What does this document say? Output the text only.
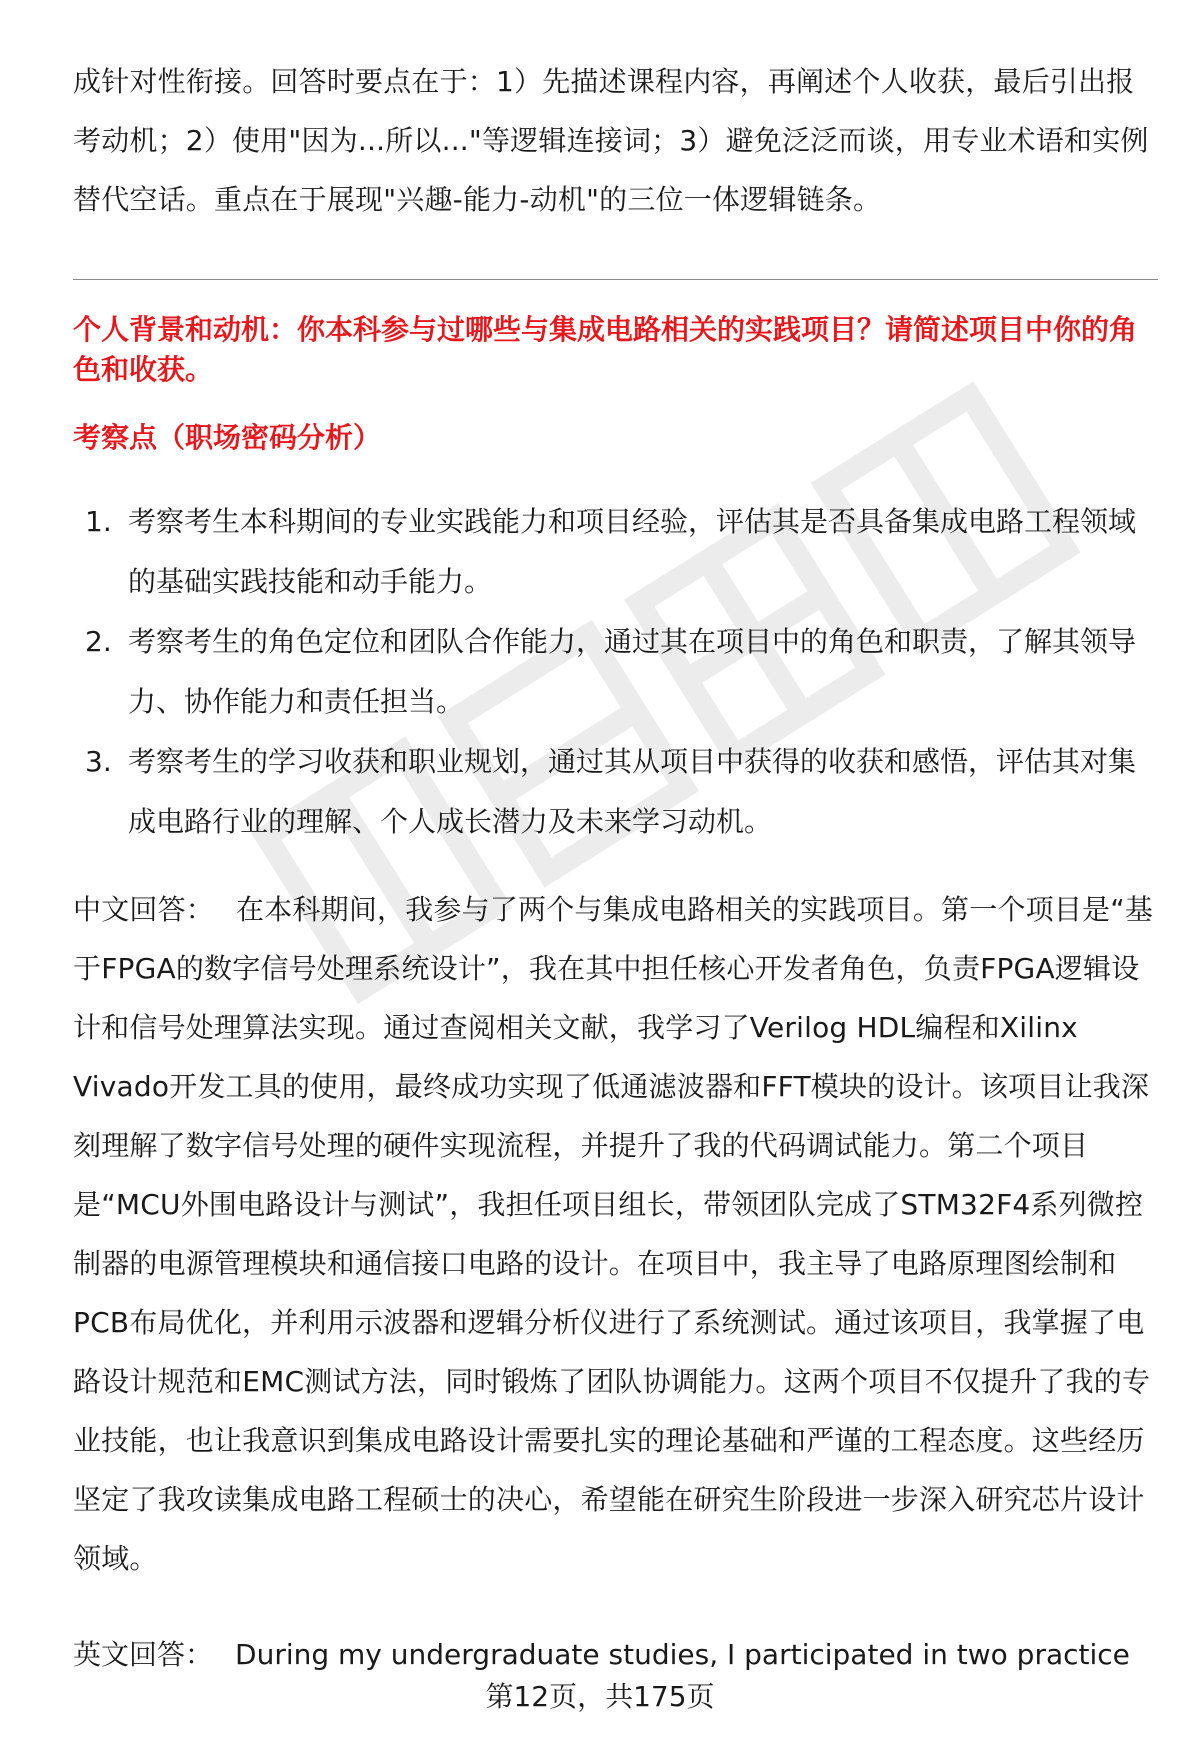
成针对性衔接。回答时要点在于：1）先描述课程内容，再阐述个人收获，最后引出报考动机；2）使用"因为...所以..."等逻辑连接词；3）避免泛泛而谈，用专业术语和实例替代空话。重点在于展现"兴趣-能力-动机"的三位一体逻辑链条。

个人背景和动机：你本科参与过哪些与集成电路相关的实践项目？请简述项目中你的角色和收获。

考察点（职场密码分析）

1. 考察考生本科期间的专业实践能力和项目经验，评估其是否具备集成电路工程领域的基础实践技能和动手能力。
2. 考察考生的角色定位和团队合作能力，通过其在项目中的角色和职责，了解其领导力、协作能力和责任担当。
3. 考察考生的学习收获和职业规划，通过其从项目中获得的收获和感悟，评估其对集成电路行业的理解、个人成长潜力及未来学习动机。

中文回答： 在本科期间，我参与了两个与集成电路相关的实践项目。第一个项目是“基于FPGA的数字信号处理系统设计”，我在其中担任核心开发者角色，负责FPGA逻辑设计和信号处理算法实现。通过查阅相关文献，我学习了Verilog HDL编程和Xilinx Vivado开发工具的使用，最终成功实现了低通滤波器和FFT模块的设计。该项目让我深刻理解了数字信号处理的硬件实现流程，并提升了我的代码调试能力。第二个项目是“MCU外围电路设计与测试”，我担任项目组长，带领团队完成了STM32F4系列微控制器的电源管理模块和通信接口电路的设计。在项目中，我主导了电路原理图绘制和PCB布局优化，并利用示波器和逻辑分析仪进行了系统测试。通过该项目，我掌握了电路设计规范和EMC测试方法，同时锻炼了团队协调能力。这两个项目不仅提升了我的专业技能，也让我意识到集成电路设计需要扎实的理论基础和严谨的工程态度。这些经历坚定了我攻读集成电路工程硕士的决心，希望能在研究生阶段进一步深入研究芯片设计领域。

英文回答： During my undergraduate studies, I participated in two practice

第12页，共175页
